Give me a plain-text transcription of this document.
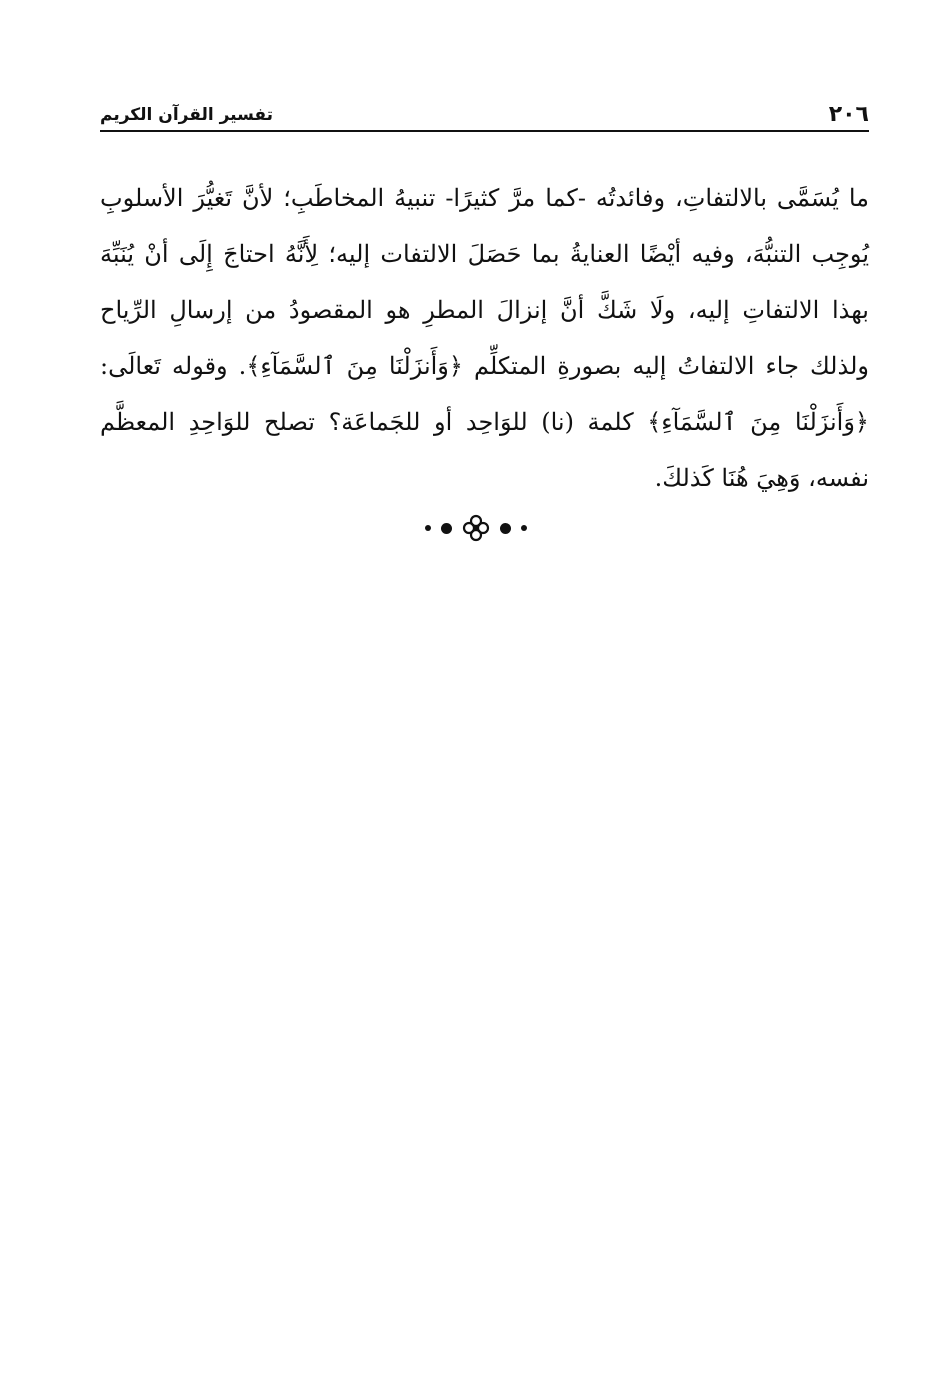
٢٠٦
تفسير القرآن الكريم

ما يُسَمَّى بالالتفاتِ، وفائدتُه -كما مرَّ كثيرًا- تنبيهُ المخاطَبِ؛ لأنَّ تَغيُّرَ الأسلوبِ يُوجِب التنبُّهَ، وفيه أيْضًا العنايةُ بما حَصَلَ الالتفات إليه؛ لِأَنَّهُ احتاجَ إِلَى أنْ يُنَبِّهَ بهذا الالتفاتِ إليه، ولَا شَكَّ أنَّ إنزالَ المطرِ هو المقصودُ من إرسالِ الرِّياح ولذلك جاء الالتفاتُ إليه بصورةِ المتكلِّم ﴿وَأَنزَلْنَا مِنَ ٱلسَّمَآءِ﴾. وقوله تَعالَى: ﴿وَأَنزَلْنَا مِنَ ٱلسَّمَآءِ﴾ كلمة (نا) للوَاحِد أو للجَماعَة؟ تصلح للوَاحِدِ المعظَّم نفسه، وَهِيَ هُنَا كَذلكَ.
